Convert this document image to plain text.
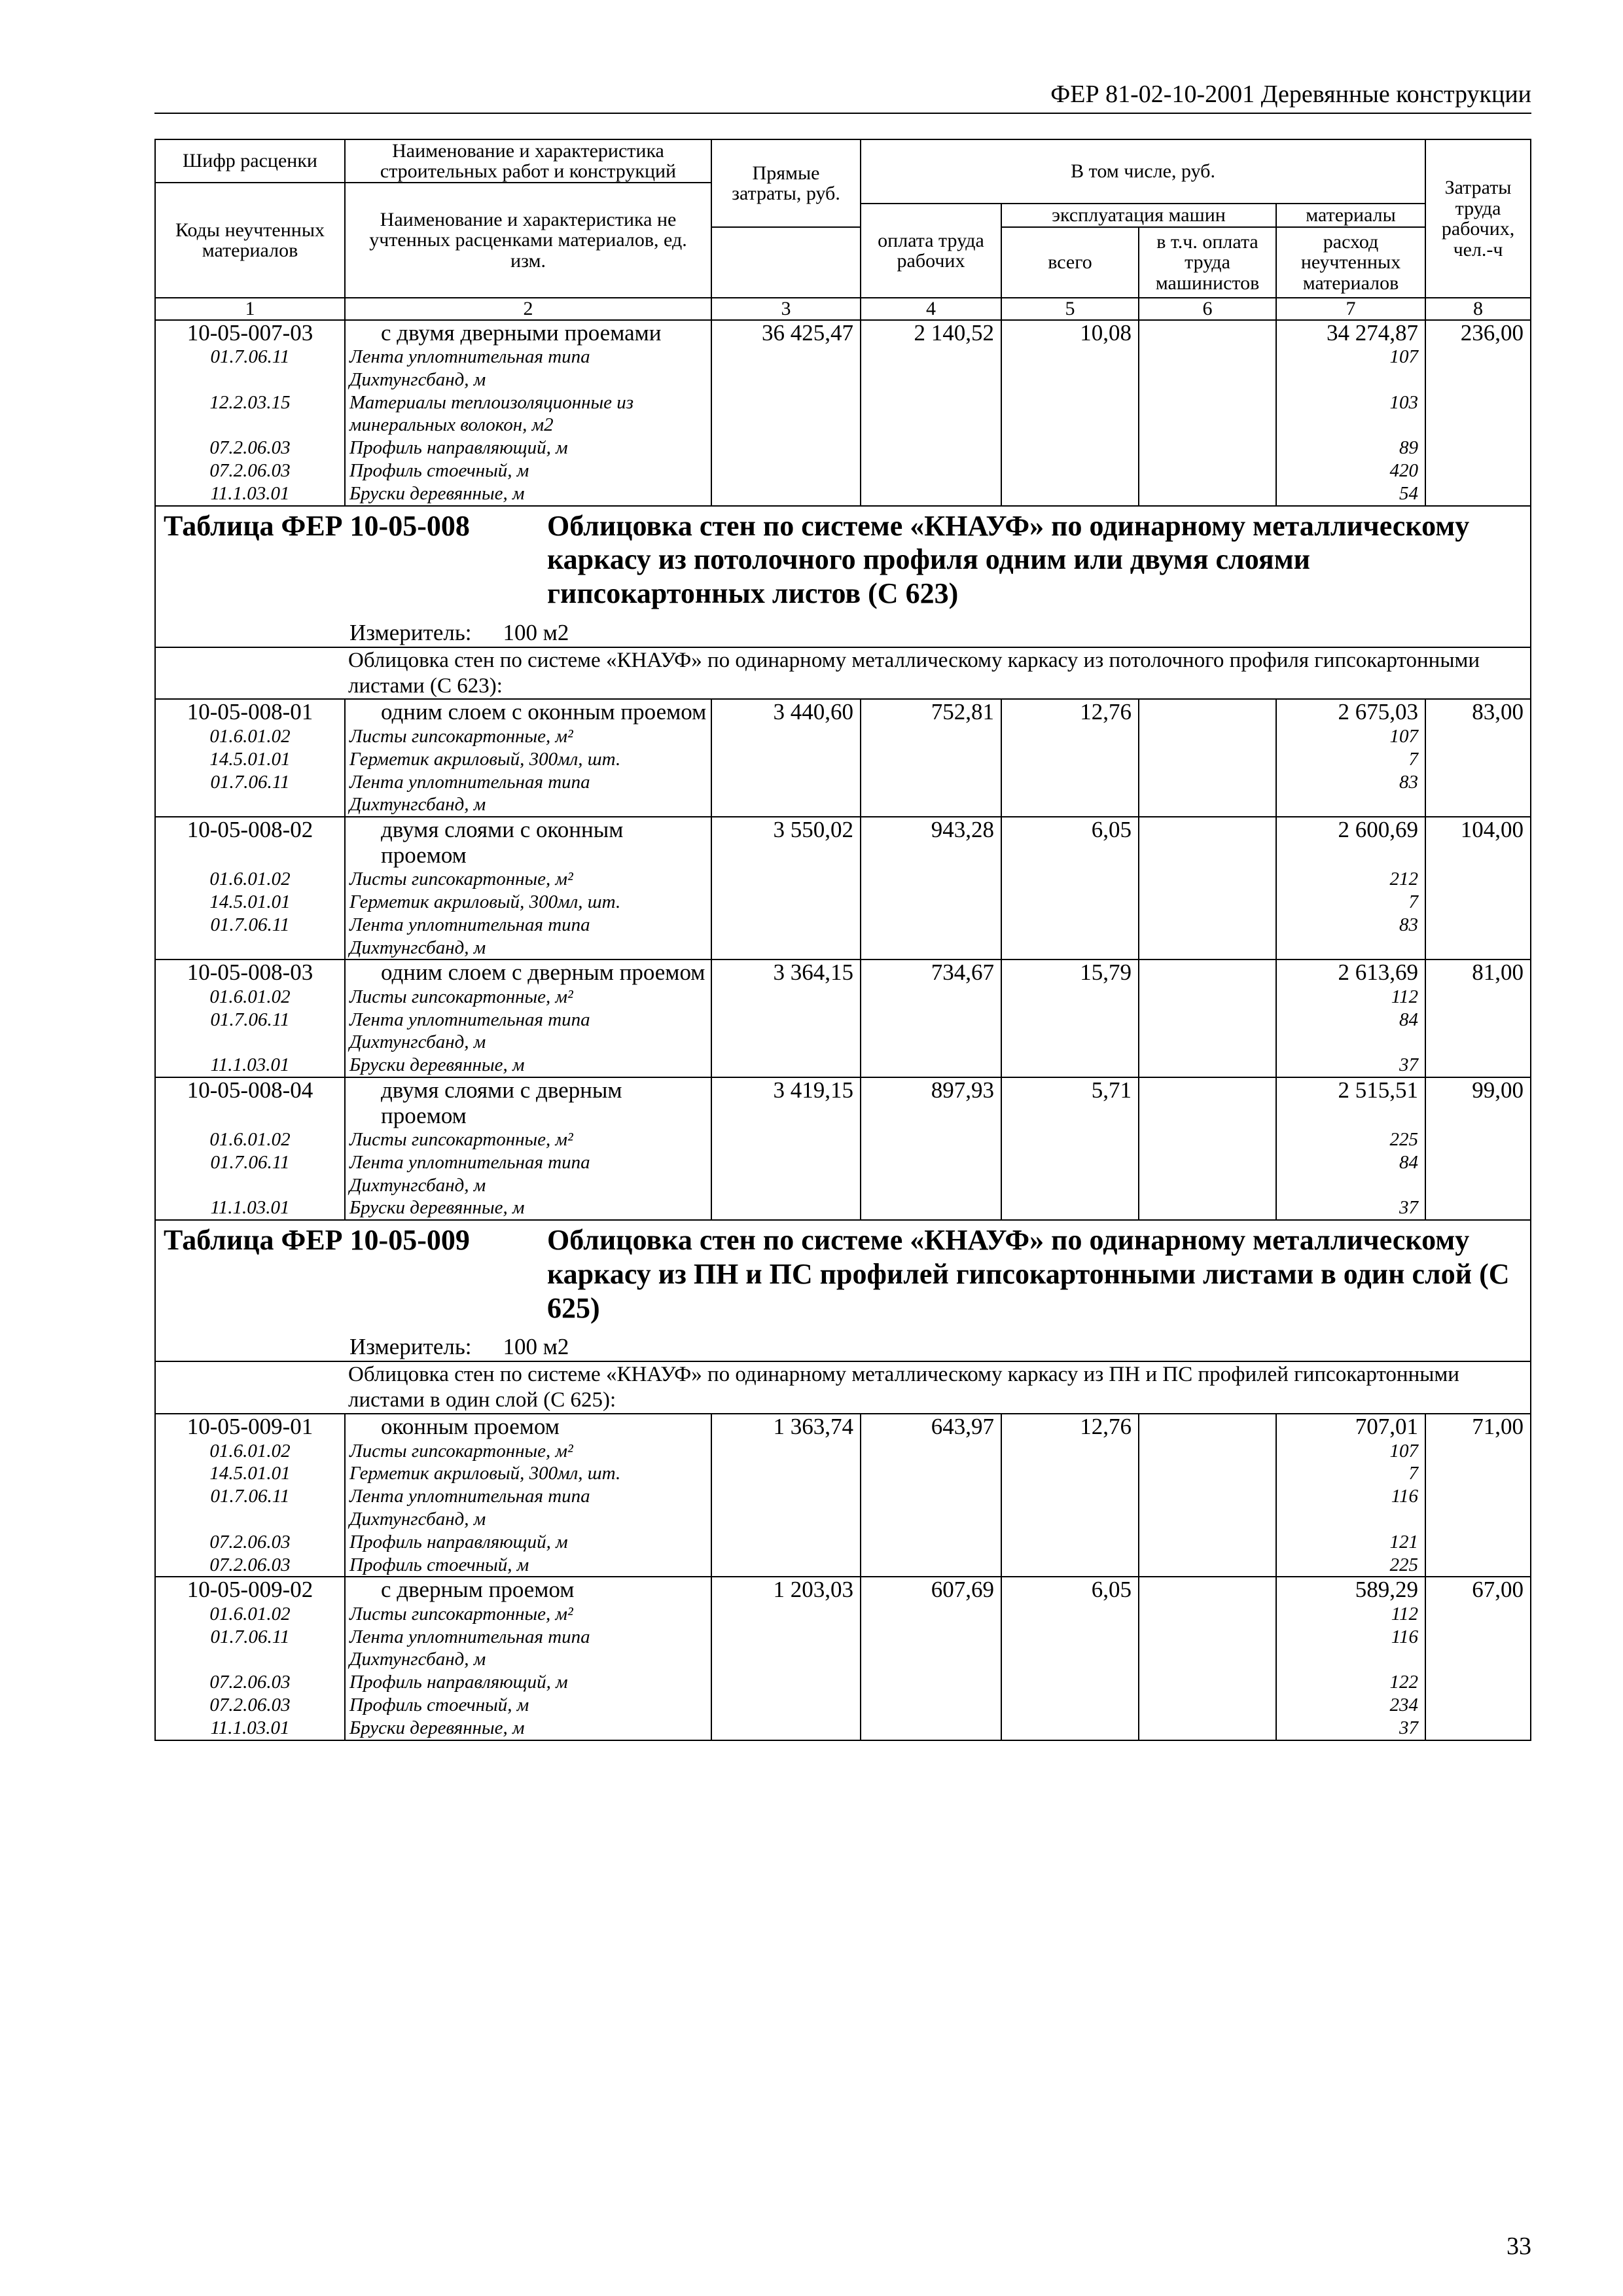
ФЕР 81-02-10-2001 Деревянные конструкции
Шифр расценки	Наименование и характеристика строительных работ и конструкций	Прямые затраты, руб.	В том числе, руб.				Затраты труда рабочих, чел.-ч
Коды неучтенных материалов	Наименование и характеристика не учтенных расценками материалов, ед. изм.						
			оплата труда рабочих	эксплуатация машин		материалы	
				всего	в т.ч. оплата труда машинистов	расход неучтенных материалов	
1	2	3	4	5	6	7	8
10-05-007-03	с двумя дверными проемами	36 425,47	2 140,52	10,08		34 274,87	236,00
01.7.06.11	Лента уплотнительная типа Дихтунгсбанд, м					107	
12.2.03.15	Материалы теплоизоляционные из минеральных волокон, м2					103	
07.2.06.03	Профиль направляющий, м					89	
07.2.06.03	Профиль стоечный, м					420	
11.1.03.01	Бруски деревянные, м					54	

Таблица ФЕР 10-05-008 Облицовка стен по системе «КНАУФ» по одинарному металлическому каркасу из потолочного профиля одним или двумя слоями гипсокартонных листов (С 623)
Измеритель: 100 м2							

Облицовка стен по системе «КНАУФ» по одинарному металлическому каркасу из потолочного профиля гипсокартонными листами (С 623):							
10-05-008-01	одним слоем с оконным проемом	3 440,60	752,81	12,76		2 675,03	83,00
01.6.01.02	Листы гипсокартонные, м²					107	
14.5.01.01	Герметик акриловый, 300мл, шт.					7	
01.7.06.11	Лента уплотнительная типа Дихтунгсбанд, м					83	
10-05-008-02	двумя слоями с оконным проемом	3 550,02	943,28	6,05		2 600,69	104,00
01.6.01.02	Листы гипсокартонные, м²					212	
14.5.01.01	Герметик акриловый, 300мл, шт.					7	
01.7.06.11	Лента уплотнительная типа Дихтунгсбанд, м					83	
10-05-008-03	одним слоем с дверным проемом	3 364,15	734,67	15,79		2 613,69	81,00
01.6.01.02	Листы гипсокартонные, м²					112	
01.7.06.11	Лента уплотнительная типа Дихтунгсбанд, м					84	
11.1.03.01	Бруски деревянные, м					37	
10-05-008-04	двумя слоями с дверным проемом	3 419,15	897,93	5,71		2 515,51	99,00
01.6.01.02	Листы гипсокартонные, м²					225	
01.7.06.11	Лента уплотнительная типа Дихтунгсбанд, м					84	
11.1.03.01	Бруски деревянные, м					37	

Таблица ФЕР 10-05-009 Облицовка стен по системе «КНАУФ» по одинарному металлическому каркасу из ПН и ПС профилей гипсокартонными листами в один слой (С 625)
Измеритель: 100 м2							

Облицовка стен по системе «КНАУФ» по одинарному металлическому каркасу из ПН и ПС профилей гипсокартонными листами в один слой (С 625):							
10-05-009-01	оконным проемом	1 363,74	643,97	12,76		707,01	71,00
01.6.01.02	Листы гипсокартонные, м²					107	
14.5.01.01	Герметик акриловый, 300мл, шт.					7	
01.7.06.11	Лента уплотнительная типа Дихтунгсбанд, м					116	
07.2.06.03	Профиль направляющий, м					121	
07.2.06.03	Профиль стоечный, м					225	
10-05-009-02	с дверным проемом	1 203,03	607,69	6,05		589,29	67,00
01.6.01.02	Листы гипсокартонные, м²					112	
01.7.06.11	Лента уплотнительная типа Дихтунгсбанд, м					116	
07.2.06.03	Профиль направляющий, м					122	
07.2.06.03	Профиль стоечный, м					234	
11.1.03.01	Бруски деревянные, м					37	
33
